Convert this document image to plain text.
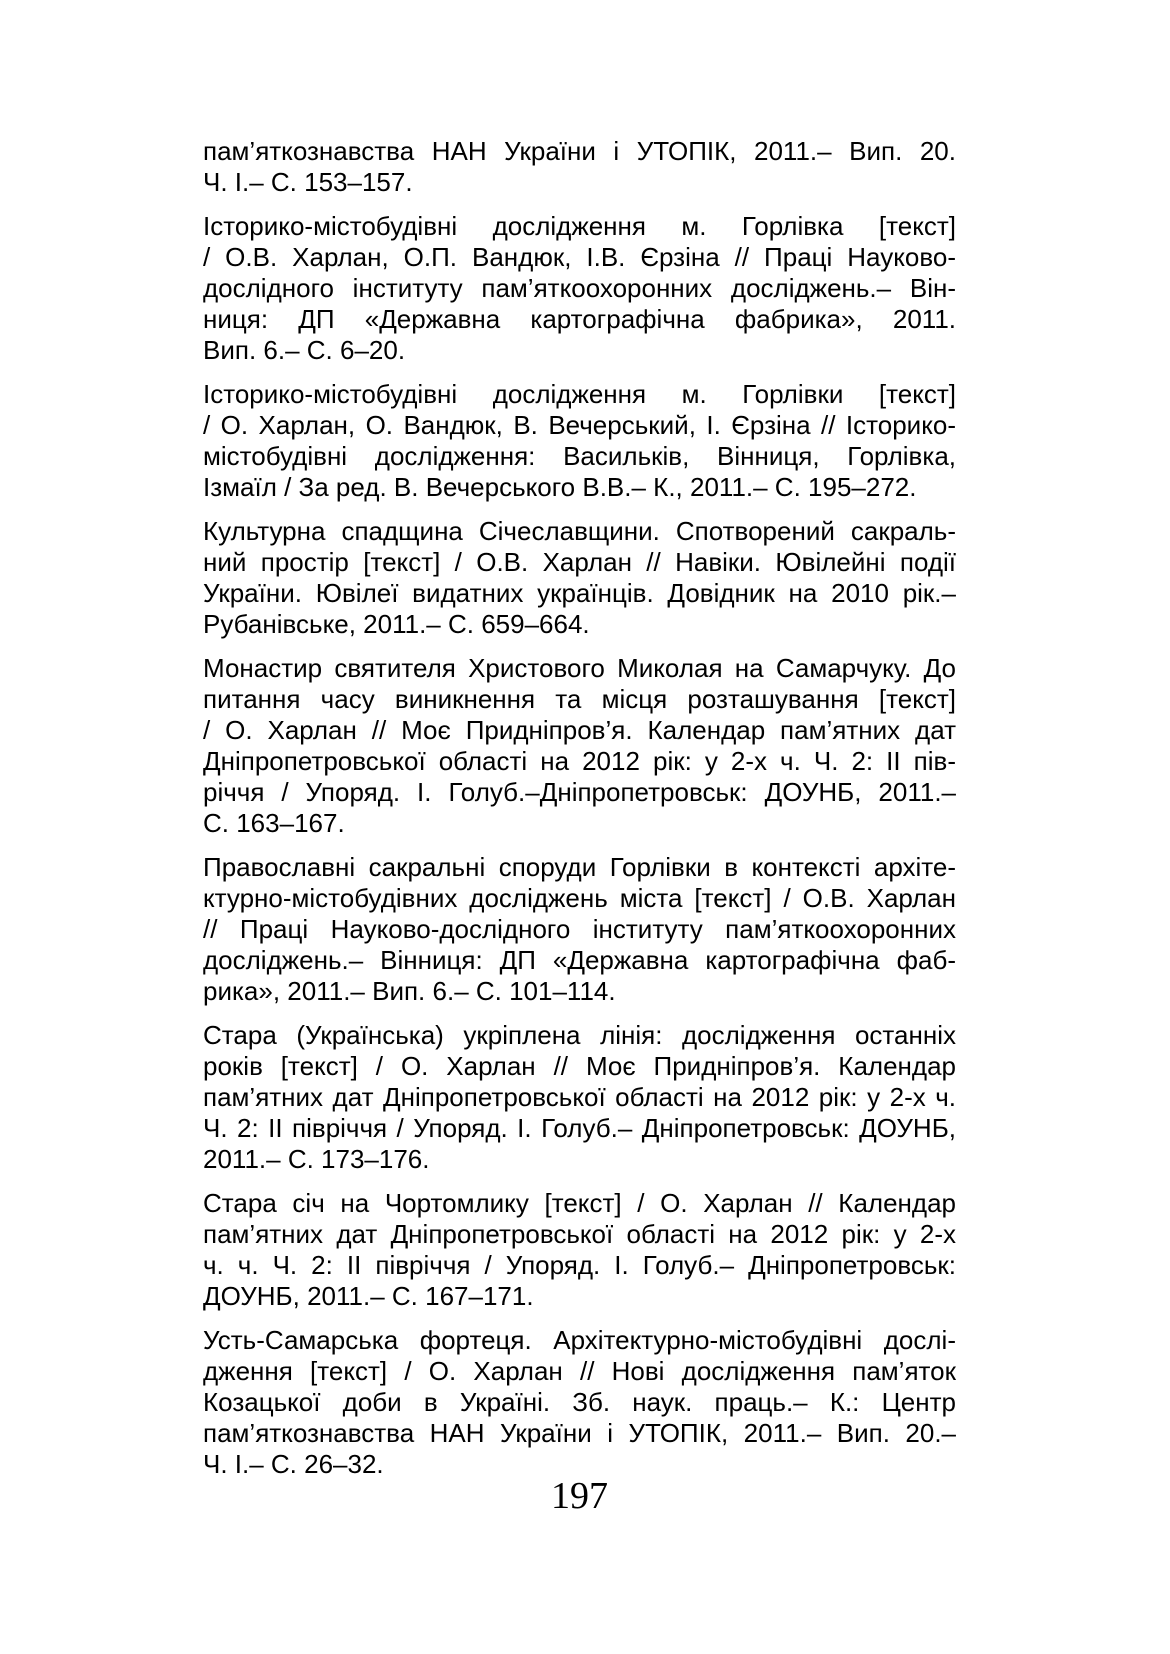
пам’яткознавства НАН України і УТОПІК, 2011.– Вип. 20.
Ч. І.– С. 153–157.
Історико-містобудівні дослідження м. Горлівка [текст]
/ О.В. Харлан, О.П. Вандюк, І.В. Єрзіна // Праці Науково-
дослідного інституту пам’яткоохоронних досліджень.– Він-
ниця: ДП «Державна картографічна фабрика», 2011.
Вип. 6.– С. 6–20.
Історико-містобудівні дослідження м. Горлівки [текст]
/ О. Харлан, О. Вандюк, В. Вечерський, І. Єрзіна // Історико-
містобудівні дослідження: Васильків, Вінниця, Горлівка,
Ізмаїл / За ред. В. Вечерського В.В.– К., 2011.– С. 195–272.
Культурна спадщина Січеславщини. Спотворений сакраль-
ний простір [текст] / О.В. Харлан // Навіки. Ювілейні події
України. Ювілеї видатних українців. Довідник на 2010 рік.–
Рубанівське, 2011.– С. 659–664.
Монастир святителя Христового Миколая на Самарчуку. До
питання часу виникнення та місця розташування [текст]
/ О. Харлан // Моє Придніпров’я. Календар пам’ятних дат
Дніпропетровської області на 2012 рік: у 2-х ч. Ч. 2: ІІ пів-
річчя / Упоряд. І. Голуб.–Дніпропетровськ: ДОУНБ, 2011.–
С. 163–167.
Православні сакральні споруди Горлівки в контексті архіте-
ктурно-містобудівних досліджень міста [текст] / О.В. Харлан
// Праці Науково-дослідного інституту пам’яткоохоронних
досліджень.– Вінниця: ДП «Державна картографічна фаб-
рика», 2011.– Вип. 6.– С. 101–114.
Стара (Українська) укріплена лінія: дослідження останніх
років [текст] / О. Харлан // Моє Придніпров’я. Календар
пам’ятних дат Дніпропетровської області на 2012 рік: у 2-х ч.
Ч. 2: ІІ півріччя / Упоряд. І. Голуб.– Дніпропетровськ: ДОУНБ,
2011.– С. 173–176.
Стара січ на Чортомлику [текст] / О. Харлан // Календар
пам’ятних дат Дніпропетровської області на 2012 рік: у 2-х
ч. ч. Ч. 2: ІІ півріччя / Упоряд. І. Голуб.– Дніпропетровськ:
ДОУНБ, 2011.– С. 167–171.
Усть-Самарська фортеця. Архітектурно-містобудівні дослі-
дження [текст] / О. Харлан // Нові дослідження пам’яток
Козацької доби в Україні. Зб. наук. праць.– К.: Центр
пам’яткознавства НАН України і УТОПІК, 2011.– Вип. 20.–
Ч. І.– С. 26–32.
197
